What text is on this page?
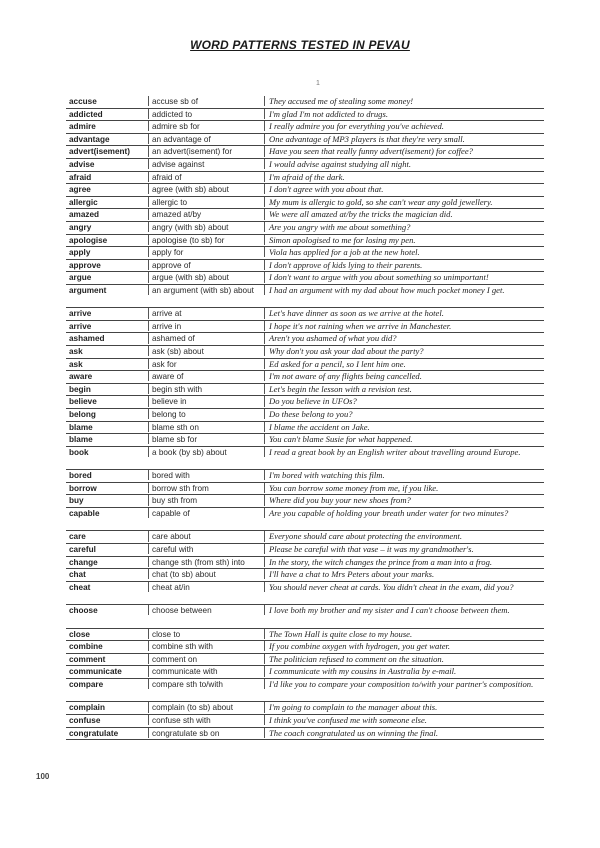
WORD PATTERNS TESTED IN PEVAU
1
accuse	accuse sb of	They accused me of stealing some money!
addicted	addicted to	I'm glad I'm not addicted to drugs.
admire	admire sb for	I really admire you for everything you've achieved.
advantage	an advantage of	One advantage of MP3 players is that they're very small.
advert(isement)	an advert(isement) for	Have you seen that really funny advert(isement) for coffee?
advise	advise against	I would advise against studying all night.
afraid	afraid of	I'm afraid of the dark.
agree	agree (with sb) about	I don't agree with you about that.
allergic	allergic to	My mum is allergic to gold, so she can't wear any gold jewellery.
amazed	amazed at/by	We were all amazed at/by the tricks the magician did.
angry	angry (with sb) about	Are you angry with me about something?
apologise	apologise (to sb) for	Simon apologised to me for losing my pen.
apply	apply for	Viola has applied for a job at the new hotel.
approve	approve of	I don't approve of kids lying to their parents.
argue	argue (with sb) about	I don't want to argue with you about something so unimportant!
argument	an argument (with sb) about	I had an argument with my dad about how much pocket money I get.
arrive	arrive at	Let's have dinner as soon as we arrive at the hotel.
arrive	arrive in	I hope it's not raining when we arrive in Manchester.
ashamed	ashamed of	Aren't you ashamed of what you did?
ask	ask (sb) about	Why don't you ask your dad about the party?
ask	ask for	Ed asked for a pencil, so I lent him one.
aware	aware of	I'm not aware of any flights being cancelled.
begin	begin sth with	Let's begin the lesson with a revision test.
believe	believe in	Do you believe in UFOs?
belong	belong to	Do these belong to you?
blame	blame sth on	I blame the accident on Jake.
blame	blame sb for	You can't blame Susie for what happened.
book	a book (by sb) about	I read a great book by an English writer about travelling around Europe.
bored	bored with	I'm bored with watching this film.
borrow	borrow sth from	You can borrow some money from me, if you like.
buy	buy sth from	Where did you buy your new shoes from?
capable	capable of	Are you capable of holding your breath under water for two minutes?
care	care about	Everyone should care about protecting the environment.
careful	careful with	Please be careful with that vase – it was my grandmother's.
change	change sth (from sth) into	In the story, the witch changes the prince from a man into a frog.
chat	chat (to sb) about	I'll have a chat to Mrs Peters about your marks.
cheat	cheat at/in	You should never cheat at cards. You didn't cheat in the exam, did you?
choose	choose between	I love both my brother and my sister and I can't choose between them.
close	close to	The Town Hall is quite close to my house.
combine	combine sth with	If you combine oxygen with hydrogen, you get water.
comment	comment on	The politician refused to comment on the situation.
communicate	communicate with	I communicate with my cousins in Australia by e-mail.
compare	compare sth to/with	I'd like you to compare your composition to/with your partner's composition.
complain	complain (to sb) about	I'm going to complain to the manager about this.
confuse	confuse sth with	I think you've confused me with someone else.
congratulate	congratulate sb on	The coach congratulated us on winning the final.
100
